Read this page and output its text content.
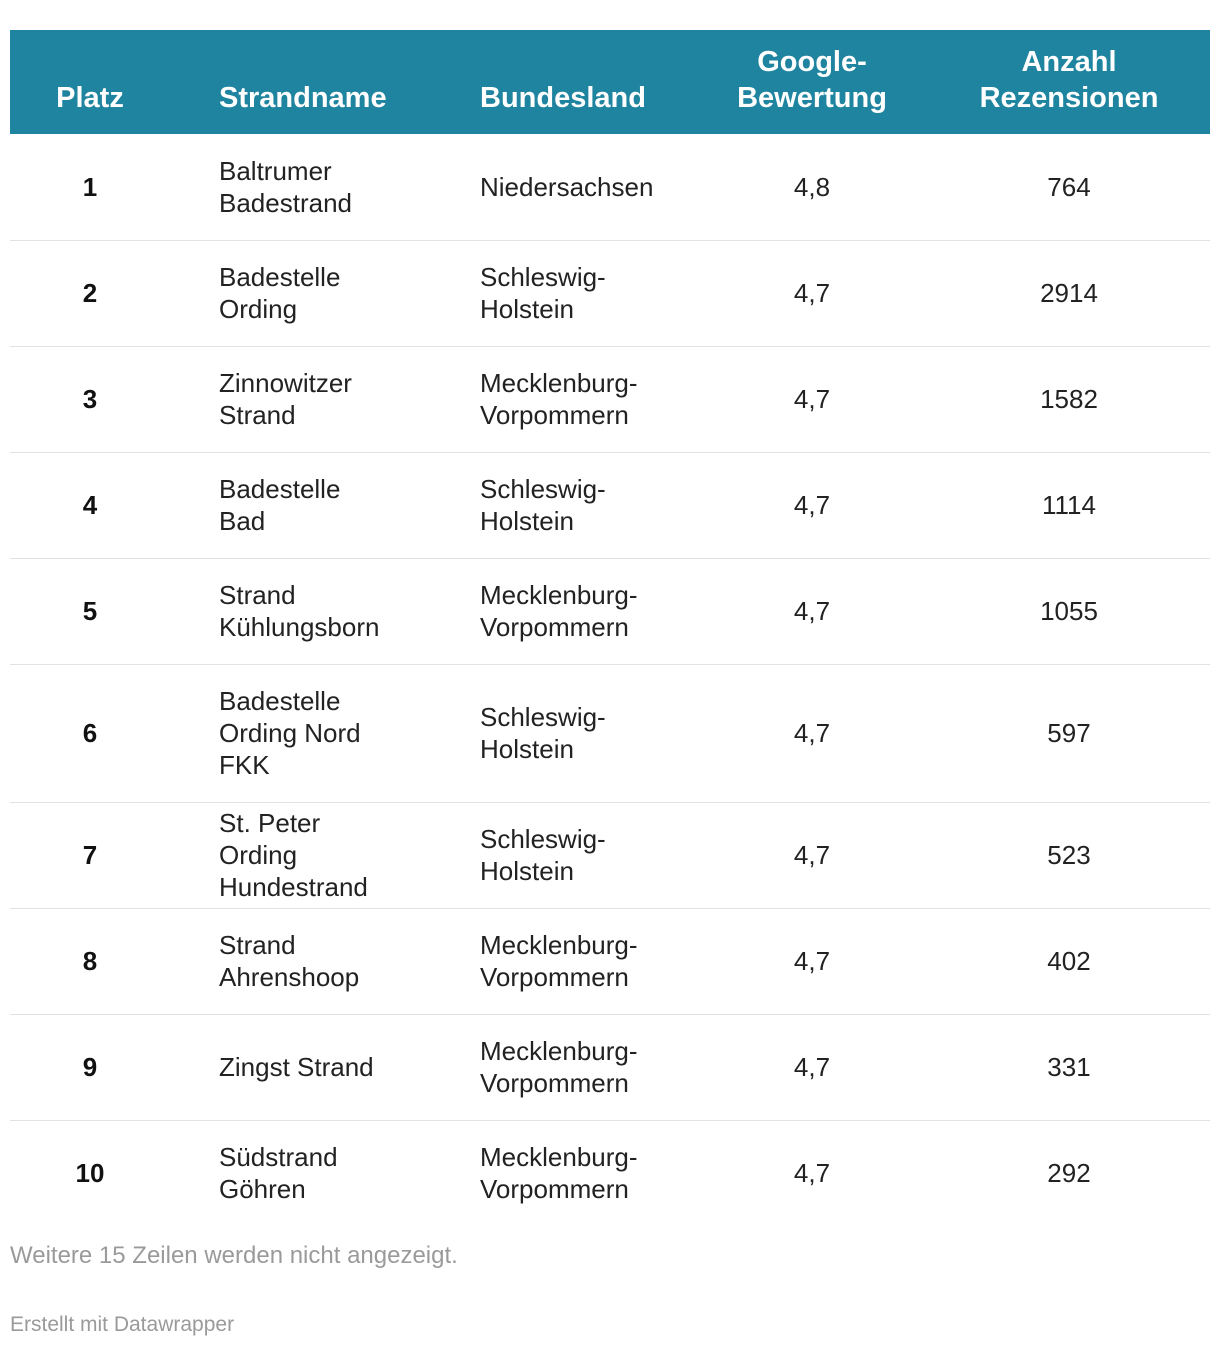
Platz	Strandname	Bundesland	Google-Bewertung	Anzahl Rezensionen
1	Baltrumer Badestrand	Niedersachsen	4,8	764
2	Badestelle Ording	Schleswig-Holstein	4,7	2914
3	Zinnowitzer Strand	Mecklenburg-Vorpommern	4,7	1582
4	Badestelle Bad	Schleswig-Holstein	4,7	1114
5	Strand Kühlungsborn	Mecklenburg-Vorpommern	4,7	1055
6	Badestelle Ording Nord FKK	Schleswig-Holstein	4,7	597
7	St. Peter Ording Hundestrand	Schleswig-Holstein	4,7	523
8	Strand Ahrenshoop	Mecklenburg-Vorpommern	4,7	402
9	Zingst Strand	Mecklenburg-Vorpommern	4,7	331
10	Südstrand Göhren	Mecklenburg-Vorpommern	4,7	292
Weitere 15 Zeilen werden nicht angezeigt.
Erstellt mit Datawrapper
